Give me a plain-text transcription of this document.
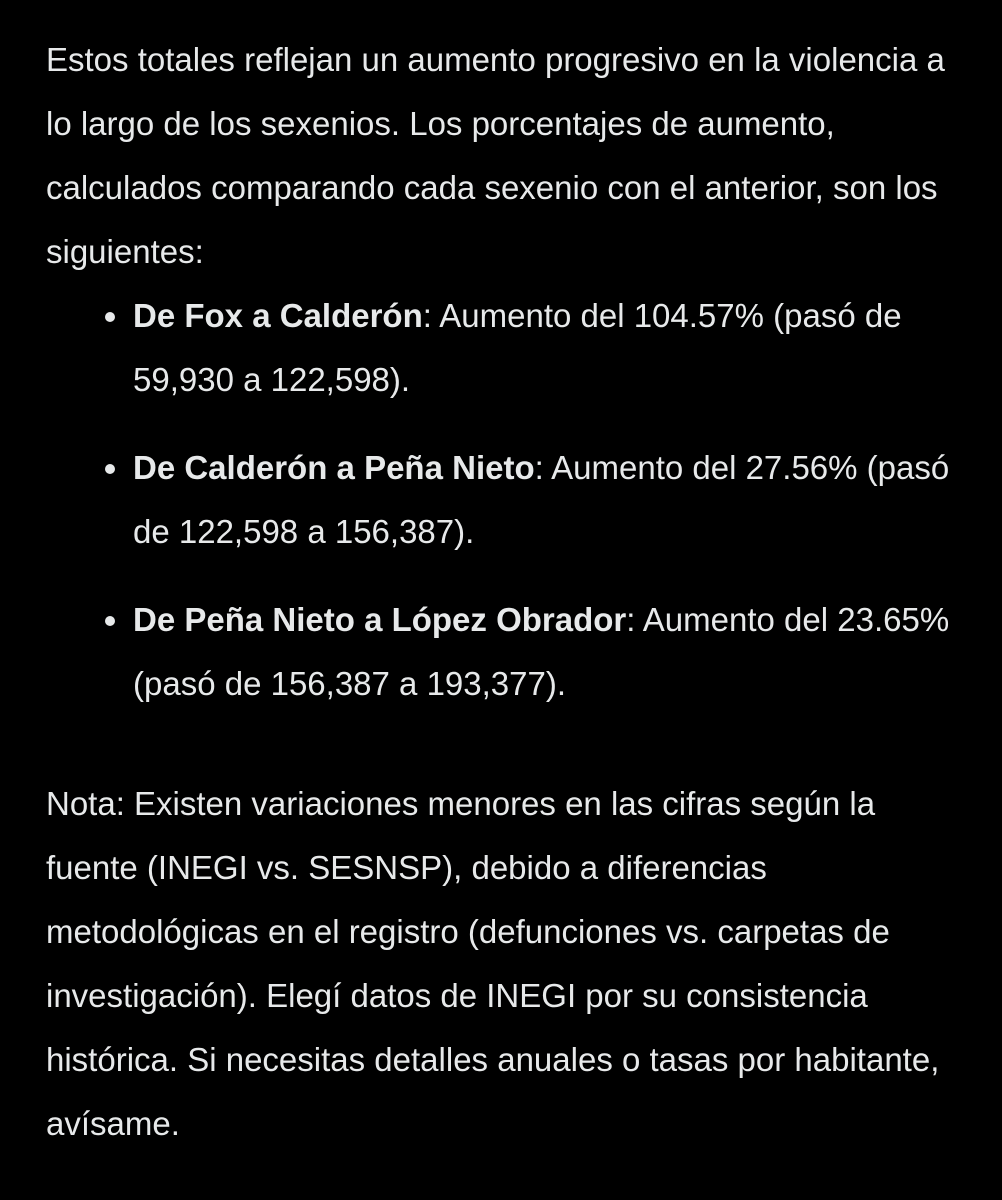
Estos totales reflejan un aumento progresivo en la violencia a lo largo de los sexenios. Los porcentajes de aumento, calculados comparando cada sexenio con el anterior, son los siguientes:

De Fox a Calderón: Aumento del 104.57% (pasó de 59,930 a 122,598).
De Calderón a Peña Nieto: Aumento del 27.56% (pasó de 122,598 a 156,387).
De Peña Nieto a López Obrador: Aumento del 23.65% (pasó de 156,387 a 193,377).

Nota: Existen variaciones menores en las cifras según la fuente (INEGI vs. SESNSP), debido a diferencias metodológicas en el registro (defunciones vs. carpetas de investigación). Elegí datos de INEGI por su consistencia histórica. Si necesitas detalles anuales o tasas por habitante, avísame.
